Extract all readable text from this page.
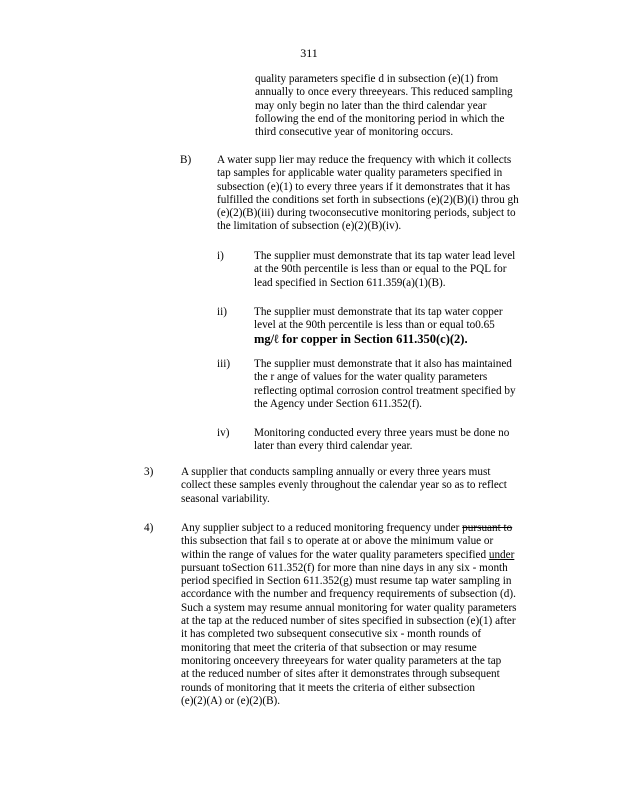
311
quality parameters specifie d in subsection (e)(1) from
annually to once every threeyears. This reduced sampling
may only begin no later than the third calendar year
following the end of the monitoring period in which the
third consecutive year of monitoring occurs.
B) A water supp lier may reduce the frequency with which it collects
tap samples for applicable water quality parameters specified in
subsection (e)(1) to every three years if it demonstrates that it has
fulfilled the conditions set forth in subsections (e)(2)(B)(i) throu gh
(e)(2)(B)(iii) during twoconsecutive monitoring periods, subject to
the limitation of subsection (e)(2)(B)(iv).
i)	The supplier must demonstrate that its tap water lead level
at the 90th percentile is less than or equal to the PQL for
lead specified in Section 611.359(a)(1)(B).
ii) The supplier must demonstrate that its tap water copper
level at the 90th percentile is less than or equal to0.65
mg/ℓ for copper in Section 611.350(c)(2).
iii) The supplier must demonstrate that it also has maintained
the r ange of values for the water quality parameters
reflecting optimal corrosion control treatment specified by
the Agency under Section 611.352(f).
iv) Monitoring conducted every three years must be done no
later than every third calendar year.
3) A supplier that conducts sampling annually or every three years must
collect these samples evenly throughout the calendar year so as to reflect
seasonal variability.
4) Any supplier subject to a reduced monitoring frequency under pursuant to
this subsection that fail s to operate at or above the minimum value or
within the range of values for the water quality parameters specified under
pursuant toSection 611.352(f) for more than nine days in any six - month
period specified in Section 611.352(g) must resume tap water sampling in
accordance with the number and frequency requirements of subsection (d).
Such a system may resume annual monitoring for water quality parameters
at the tap at the reduced number of sites specified in subsection (e)(1) after
it has completed two subsequent consecutive six - month rounds of
monitoring that meet the criteria of that subsection or may resume
monitoring onceevery threeyears for water quality parameters at the tap
at the reduced number of sites after it demonstrates through subsequent
rounds of monitoring that it meets the criteria of either subsection
(e)(2)(A) or (e)(2)(B).
